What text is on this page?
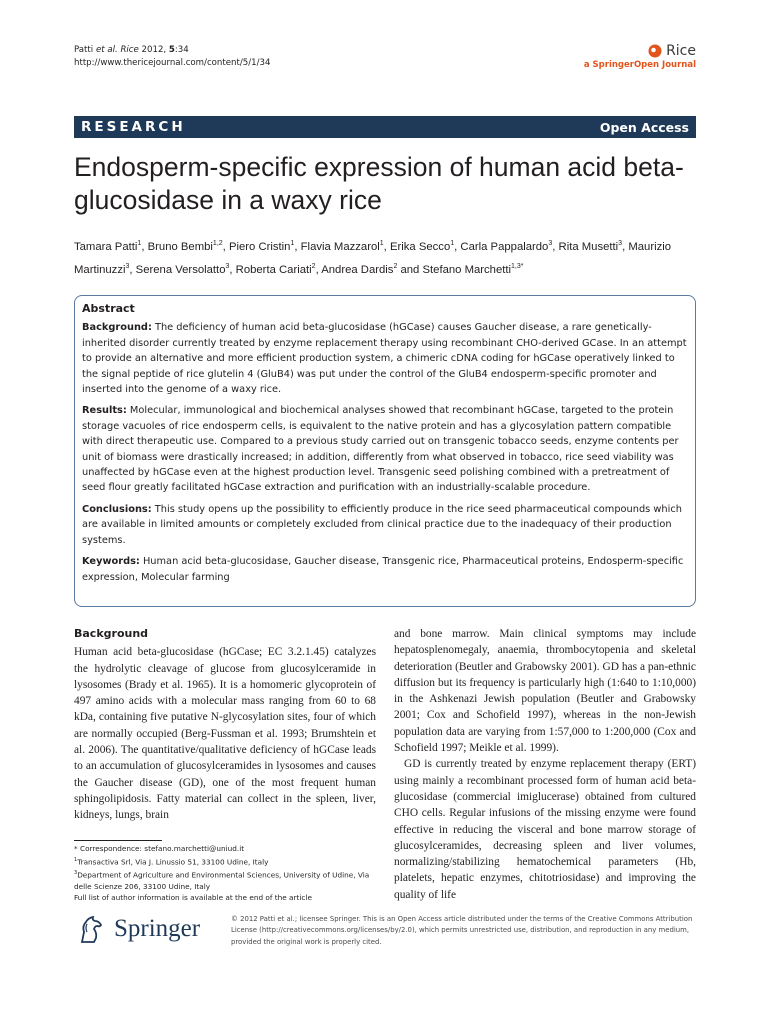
Patti et al. Rice 2012, 5:34
http://www.thericejournal.com/content/5/1/34
Rice
a SpringerOpen Journal
RESEARCH	Open Access
Endosperm-specific expression of human acid beta-glucosidase in a waxy rice
Tamara Patti$^1$, Bruno Bembi$^{1,2}$, Piero Cristin$^1$, Flavia Mazzarol$^1$, Erika Secco$^1$, Carla Pappalardo$^3$, Rita Musetti$^3$, Maurizio Martinuzzi$^3$, Serena Versolatto$^3$, Roberta Cariati$^2$, Andrea Dardis$^2$ and Stefano Marchetti$^{1,3*}$

Abstract

Background: The deficiency of human acid beta-glucosidase (hGCase) causes Gaucher disease, a rare genetically-inherited disorder currently treated by enzyme replacement therapy using recombinant CHO-derived GCase. In an attempt to provide an alternative and more efficient production system, a chimeric cDNA coding for hGCase operatively linked to the signal peptide of rice glutelin 4 (GluB4) was put under the control of the GluB4 endosperm-specific promoter and inserted into the genome of a waxy rice.

Results: Molecular, immunological and biochemical analyses showed that recombinant hGCase, targeted to the protein storage vacuoles of rice endosperm cells, is equivalent to the native protein and has a glycosylation pattern compatible with direct therapeutic use. Compared to a previous study carried out on transgenic tobacco seeds, enzyme contents per unit of biomass were drastically increased; in addition, differently from what observed in tobacco, rice seed viability was unaffected by hGCase even at the highest production level. Transgenic seed polishing combined with a pretreatment of seed flour greatly facilitated hGCase extraction and purification with an industrially-scalable procedure.

Conclusions: This study opens up the possibility to efficiently produce in the rice seed pharmaceutical compounds which are available in limited amounts or completely excluded from clinical practice due to the inadequacy of their production systems.

Keywords: Human acid beta-glucosidase, Gaucher disease, Transgenic rice, Pharmaceutical proteins, Endosperm-specific expression, Molecular farming

Background

Human acid beta-glucosidase (hGCase; EC 3.2.1.45) catalyzes the hydrolytic cleavage of glucose from glucosylceramide in lysosomes (Brady et al. 1965). It is a homomeric glycoprotein of 497 amino acids with a molecular mass ranging from 60 to 68 kDa, containing five putative N-glycosylation sites, four of which are normally occupied (Berg-Fussman et al. 1993; Brumshtein et al. 2006). The quantitative/qualitative deficiency of hGCase leads to an accumulation of glucosylceramides in lysosomes and causes the Gaucher disease (GD), one of the most frequent human sphingolipidosis. Fatty material can collect in the spleen, liver, kidneys, lungs, brain

and bone marrow. Main clinical symptoms may include hepatosplenomegaly, anaemia, thrombocytopenia and skeletal deterioration (Beutler and Grabowsky 2001). GD has a pan-ethnic diffusion but its frequency is particularly high (1:640 to 1:10,000) in the Ashkenazi Jewish population (Beutler and Grabowsky 2001; Cox and Schofield 1997), whereas in the non-Jewish population data are varying from 1:57,000 to 1:200,000 (Cox and Schofield 1997; Meikle et al. 1999).

GD is currently treated by enzyme replacement therapy (ERT) using mainly a recombinant processed form of human acid beta-glucosidase (commercial imiglucerase) obtained from cultured CHO cells. Regular infusions of the missing enzyme were found effective in reducing the visceral and bone marrow storage of glucosylceramides, decreasing spleen and liver volumes, normalizing/stabilizing hematochemical parameters (Hb, platelets, hepatic enzymes, chitotriosidase) and improving the quality of life

* Correspondence: stefano.marchetti@uniud.it

$^1$Transactiva Srl, Via J. Linussio 51, 33100 Udine, Italy

$^3$Department of Agriculture and Environmental Sciences, University of Udine, Via delle Scienze 206, 33100 Udine, Italy

Full list of author information is available at the end of the article

Springer	© 2012 Patti et al.; licensee Springer. This is an Open Access article distributed under the terms of the Creative Commons Attribution License (http://creativecommons.org/licenses/by/2.0), which permits unrestricted use, distribution, and reproduction in any medium, provided the original work is properly cited.
